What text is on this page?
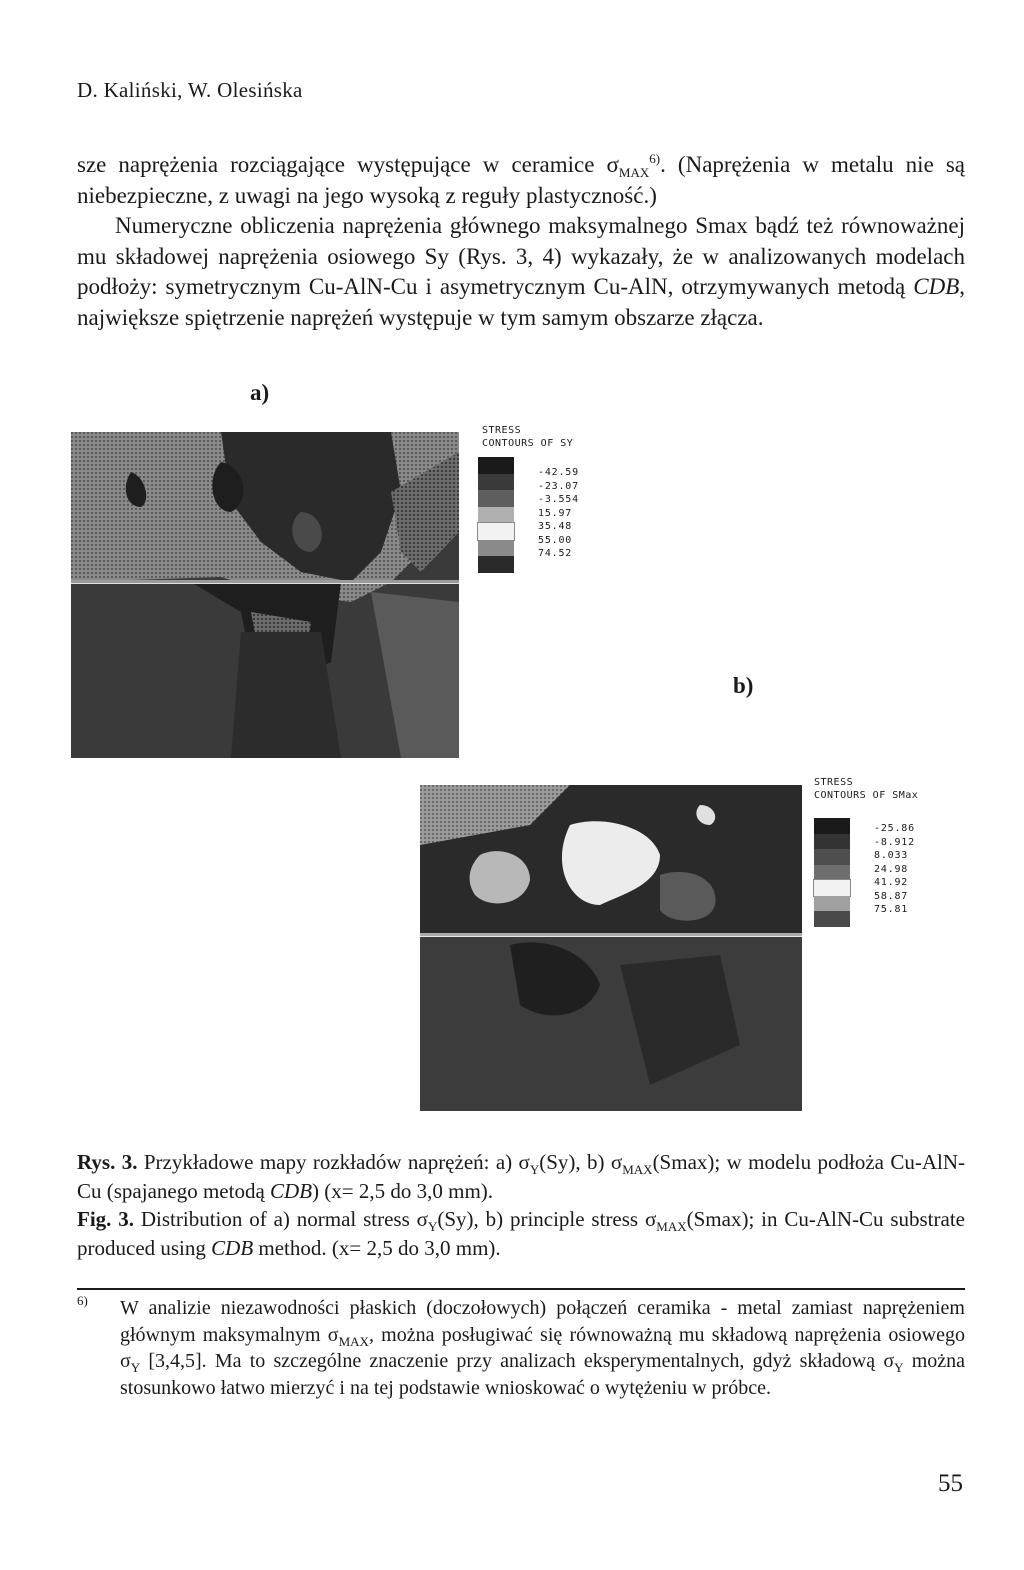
D. Kaliński, W. Olesińska

sze naprężenia rozciągające występujące w ceramice $\sigma_{MAX}^{6)}$. (Naprężenia w metalu nie są niebezpieczne, z uwagi na jego wysoką z reguły plastyczność.)

Numeryczne obliczenia naprężenia głównego maksymalnego Smax bądź też równoważnej mu składowej naprężenia osiowego Sy (Rys. 3, 4) wykazały, że w analizowanych modelach podłoży: symetrycznym Cu-AlN-Cu i asymetrycznym Cu-AlN, otrzymywanych metodą CDB, największe spiętrzenie naprężeń występuje w tym samym obszarze złącza.

a)
STRESS
CONTOURS OF SY
-42.59
-23.07
-3.554
15.97
35.48
55.00
74.52
b)
STRESS
CONTOURS OF SMax
-25.86
-8.912
8.033
24.98
41.92
58.87
75.81

Rys. 3. Przykładowe mapy rozkładów naprężeń: a) $\sigma_Y(Sy)$, b) $\sigma_{MAX}(Smax)$; w modelu podłoża Cu-AlN-Cu (spajanego metodą CDB) (x= 2,5 do 3,0 mm).

Fig. 3. Distribution of a) normal stress $\sigma_Y(Sy)$, b) principle stress $\sigma_{MAX}(Smax)$; in Cu-AlN-Cu substrate produced using CDB method. (x= 2,5 do 3,0 mm).

6) W analizie niezawodności płaskich (doczołowych) połączeń ceramika - metal zamiast naprężeniem głównym maksymalnym $\sigma_{MAX}$, można posługiwać się równoważną mu składową naprężenia osiowego $\sigma_Y$ [3,4,5]. Ma to szczególne znaczenie przy analizach eksperymentalnych, gdyż składową $\sigma_Y$ można stosunkowo łatwo mierzyć i na tej podstawie wnioskować o wytężeniu w próbce.
55
